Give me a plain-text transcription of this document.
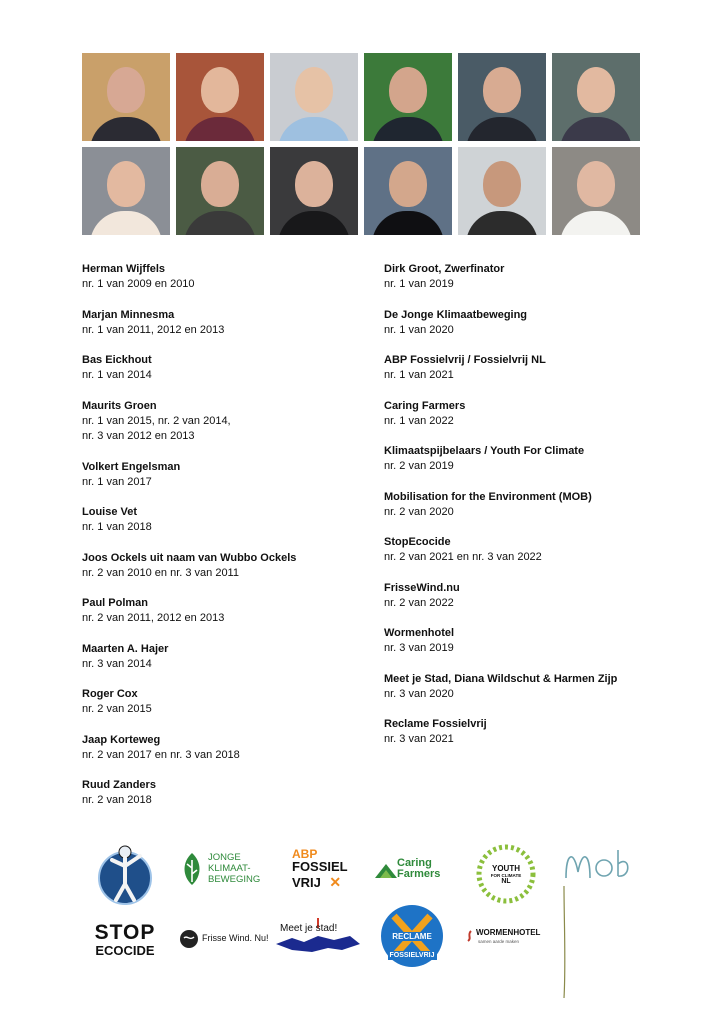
Herman Wijffels
nr. 1 van 2009 en 2010
Marjan Minnesma
nr. 1 van 2011, 2012 en 2013
Bas Eickhout
nr. 1 van 2014
Maurits Groen
nr. 1 van 2015, nr. 2 van 2014,
nr. 3 van 2012 en 2013
Volkert Engelsman
nr. 1 van 2017
Louise Vet
nr. 1 van 2018
Joos Ockels uit naam van Wubbo Ockels
nr. 2 van 2010 en nr. 3 van 2011
Paul Polman
nr. 2 van 2011, 2012 en 2013
Maarten A. Hajer
nr. 3 van 2014
Roger Cox
nr. 2 van 2015
Jaap Korteweg
nr. 2 van 2017 en nr. 3 van 2018
Ruud Zanders
nr. 2 van 2018
Dirk Groot, Zwerfinator
nr. 1 van 2019
De Jonge Klimaatbeweging
nr. 1 van 2020
ABP Fossielvrij / Fossielvrij NL
nr. 1 van 2021
Caring Farmers
nr. 1 van 2022
Klimaatspijbelaars / Youth For Climate
nr. 2 van 2019
Mobilisation for the Environment (MOB)
nr. 2 van 2020
StopEcocide
nr. 2 van 2021 en nr. 3 van 2022
FrisseWind.nu
nr. 2 van 2022
Wormenhotel
nr. 3 van 2019
Meet je Stad, Diana Wildschut & Harmen Zijp
nr. 3 van 2020
Reclame Fossielvrij
nr. 3 van 2021
JONGE
KLIMAAT-
BEWEGING
ABP
FOSSIEL
VRIJ ✕
Caring
Farmers	YOUTH
FOR CLIMATE
NL
STOP
ECOCIDE
Frisse Wind. Nu!
Meet je stad!
RECLAME
FOSSIELVRIJ
WORMENHOTEL
samen aarde maken
